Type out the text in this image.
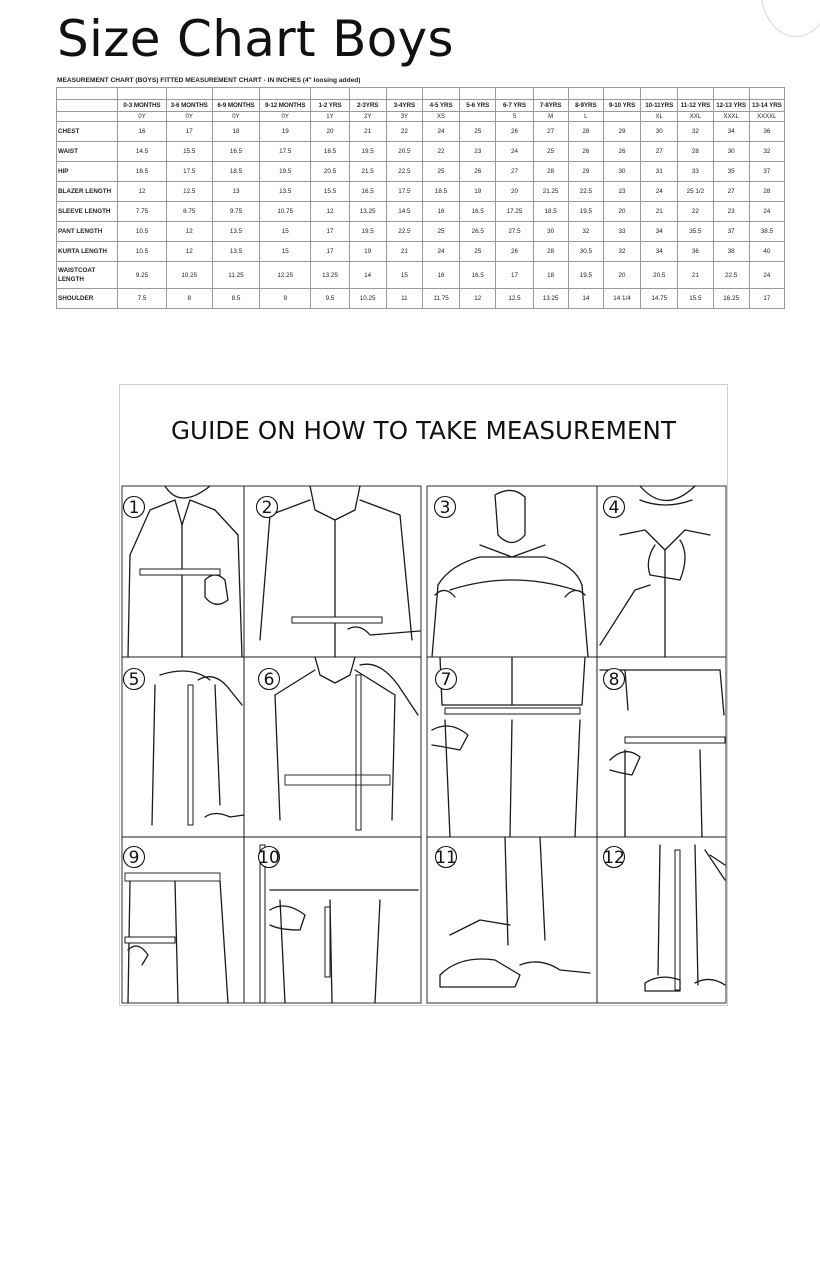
Size Chart Boys
MEASUREMENT CHART (BOYS) FITTED MEASUREMENT CHART - IN INCHES (4" loosing added)

	0-3 MONTHS	3-6 MONTHS	6-9 MONTHS	9-12 MONTHS	1-2 YRS	2-3YRS	3-4YRS	4-5 YRS	5-6 YRS	6-7 YRS	7-8YRS	8-9YRS	9-10 YRS	10-11YRS	11-12 YRS	12-13 YRS	13-14 YRS
	0Y	0Y	0Y	0Y	1Y	2Y	3Y	XS		S	M	L		XL	XXL	XXXL	XXXXL
CHEST	16	17	18	19	20	21	22	24	25	26	27	28	29	30	32	34	36
WAIST	14.5	15.5	16.5	17.5	18.5	19.5	20.5	22	23	24	25	26	26	27	28	30	32
HIP	16.5	17.5	18.5	19.5	20.5	21.5	22.5	25	26	27	28	29	30	31	33	35	37
BLAZER LENGTH	12	12.5	13	13.5	15.5	16.5	17.5	18.5	19	20	21.25	22.5	23	24	25 1/2	27	28
SLEEVE LENGTH	7.75	8.75	9.75	10.75	12	13.25	14.5	16	16.5	17.25	18.5	19.5	20	21	22	23	24
PANT LENGTH	10.5	12	13.5	15	17	19.5	22.5	25	26.5	27.5	30	32	33	34	35.5	37	38.5
KURTA LENGTH	10.5	12	13.5	15	17	19	21	24	25	26	28	30.5	32	34	36	38	40
WAISTCOAT LENGTH	9.25	10.25	11.25	12.25	13.25	14	15	16	16.5	17	18	19.5	20	20.5	21	22.5	24
SHOULDER	7.5	8	8.5	9	9.5	10.25	11	11.75	12	12.5	13.25	14	14 1/4	14.75	15.5	16.25	17
GUIDE ON HOW TO TAKE MEASUREMENT
1	2	3	4
5	6	7	8
9	10	11	12
